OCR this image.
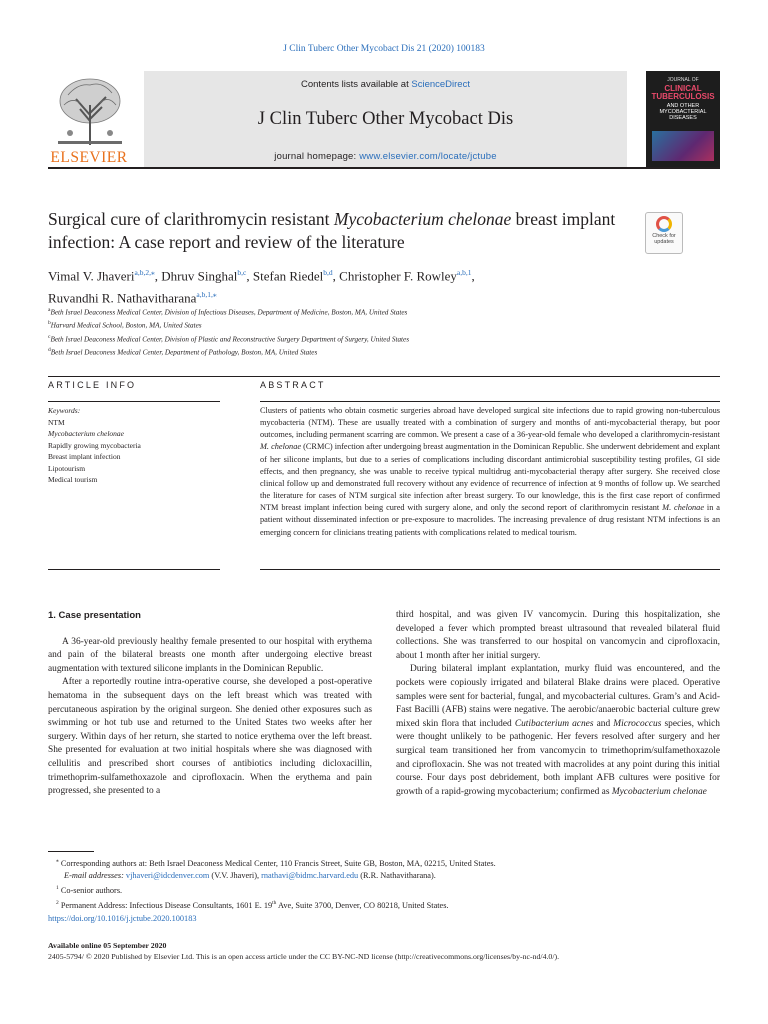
J Clin Tuberc Other Mycobact Dis 21 (2020) 100183
ELSEVIER
Contents lists available at ScienceDirect
J Clin Tuberc Other Mycobact Dis
journal homepage: www.elsevier.com/locate/jctube
JOURNAL OF
CLINICAL TUBERCULOSIS
AND OTHER MYCOBACTERIAL DISEASES
Surgical cure of clarithromycin resistant Mycobacterium chelonae breast implant infection: A case report and review of the literature	Check for updates
Vimal V. Jhaveri$^{a,b,2,⁎}$, Dhruv Singhal$^{b,c}$, Stefan Riedel$^{b,d}$, Christopher F. Rowley$^{a,b,1}$,
Ruvandhi R. Nathavitharana$^{a,b,1,⁎}$
$^a$Beth Israel Deaconess Medical Center, Division of Infectious Diseases, Department of Medicine, Boston, MA, United States
$^b$Harvard Medical School, Boston, MA, United States
$^c$Beth Israel Deaconess Medical Center, Division of Plastic and Reconstructive Surgery Department of Surgery, United States
$^d$Beth Israel Deaconess Medical Center, Department of Pathology, Boston, MA, United States
ARTICLE INFO	ABSTRACT
Keywords:
NTM
Mycobacterium chelonae
Rapidly growing mycobacteria
Breast implant infection
Lipotourism
Medical tourism
Clusters of patients who obtain cosmetic surgeries abroad have developed surgical site infections due to rapid growing non-tuberculous mycobacteria (NTM). These are usually treated with a combination of surgery and months of anti-mycobacterial therapy, but poor outcomes, including permanent scarring are common. We present a case of a 36-year-old female who developed a clarithromycin-resistant M. chelonae (CRMC) infection after undergoing breast augmentation in the Dominican Republic. She underwent debridement and explant of her silicone implants, but due to a series of complications including discordant antimicrobial susceptibility testing profiles, GI side effects, and then pregnancy, she was unable to receive typical multidrug anti-mycobacterial therapy after surgery. She received close clinical follow up and demonstrated full recovery without any evidence of recurrence of infection at 9 months of follow up. We searched the literature for cases of NTM surgical site infection after breast surgery. To our knowledge, this is the first case report of confirmed NTM breast implant infection being cured with surgery alone, and only the second report of clarithromycin resistant M. chelonae in a patient without disseminated infection or pre-exposure to macrolides. The increasing prevalence of drug resistant NTM infections is an emerging concern for clinicians treating patients with complications related to medical tourism.
1. Case presentation

A 36-year-old previously healthy female presented to our hospital with erythema and pain of the bilateral breasts one month after undergoing elective breast augmentation with textured silicone implants in the Dominican Republic.

After a reportedly routine intra-operative course, she developed a post-operative hematoma in the subsequent days on the left breast which was treated with percutaneous aspiration by the original surgeon. She denied other exposures such as swimming or hot tub use and returned to the United States two weeks after her surgery. Within days of her return, she started to notice erythema over the left breast. She presented for evaluation at two initial hospitals where she was diagnosed with cellulitis and prescribed short courses of antibiotics including dicloxacillin, trimethoprim-sulfamethoxazole and ciprofloxacin. When the erythema and pain progressed, she presented to a

third hospital, and was given IV vancomycin. During this hospitalization, she developed a fever which prompted breast ultrasound that revealed bilateral fluid collections. She was transferred to our hospital on vancomycin and ciprofloxacin, about 1 month after her initial surgery.

During bilateral implant explantation, murky fluid was encountered, and the pockets were copiously irrigated and bilateral Blake drains were placed. Operative samples were sent for bacterial, fungal, and mycobacterial cultures. Gram’s and Acid-Fast Bacilli (AFB) stains were negative. The aerobic/anaerobic bacterial culture grew mixed skin flora that included Cutibacterium acnes and Micrococcus species, which were thought unlikely to be pathogenic. Her fevers resolved after surgery and her surgical team transitioned her from vancomycin to trimethoprim/sulfamethoxazole and ciprofloxacin. She was not treated with macrolides at any point during this initial course. Four days post debridement, both implant AFB cultures were positive for growth of a rapid-growing mycobacterium; confirmed as Mycobacterium chelonae

⁎ Corresponding authors at: Beth Israel Deaconess Medical Center, 110 Francis Street, Suite GB, Boston, MA, 02215, United States.
E-mail addresses: vjhaveri@idcdenver.com (V.V. Jhaveri), rnathavi@bidmc.harvard.edu (R.R. Nathavitharana).
$^1$ Co-senior authors.
$^2$ Permanent Address: Infectious Disease Consultants, 1601 E. 19th Ave, Suite 3700, Denver, CO 80218, United States.
https://doi.org/10.1016/j.jctube.2020.100183
Available online 05 September 2020
2405-5794/ © 2020 Published by Elsevier Ltd. This is an open access article under the CC BY-NC-ND license (http://creativecommons.org/licenses/by-nc-nd/4.0/).
